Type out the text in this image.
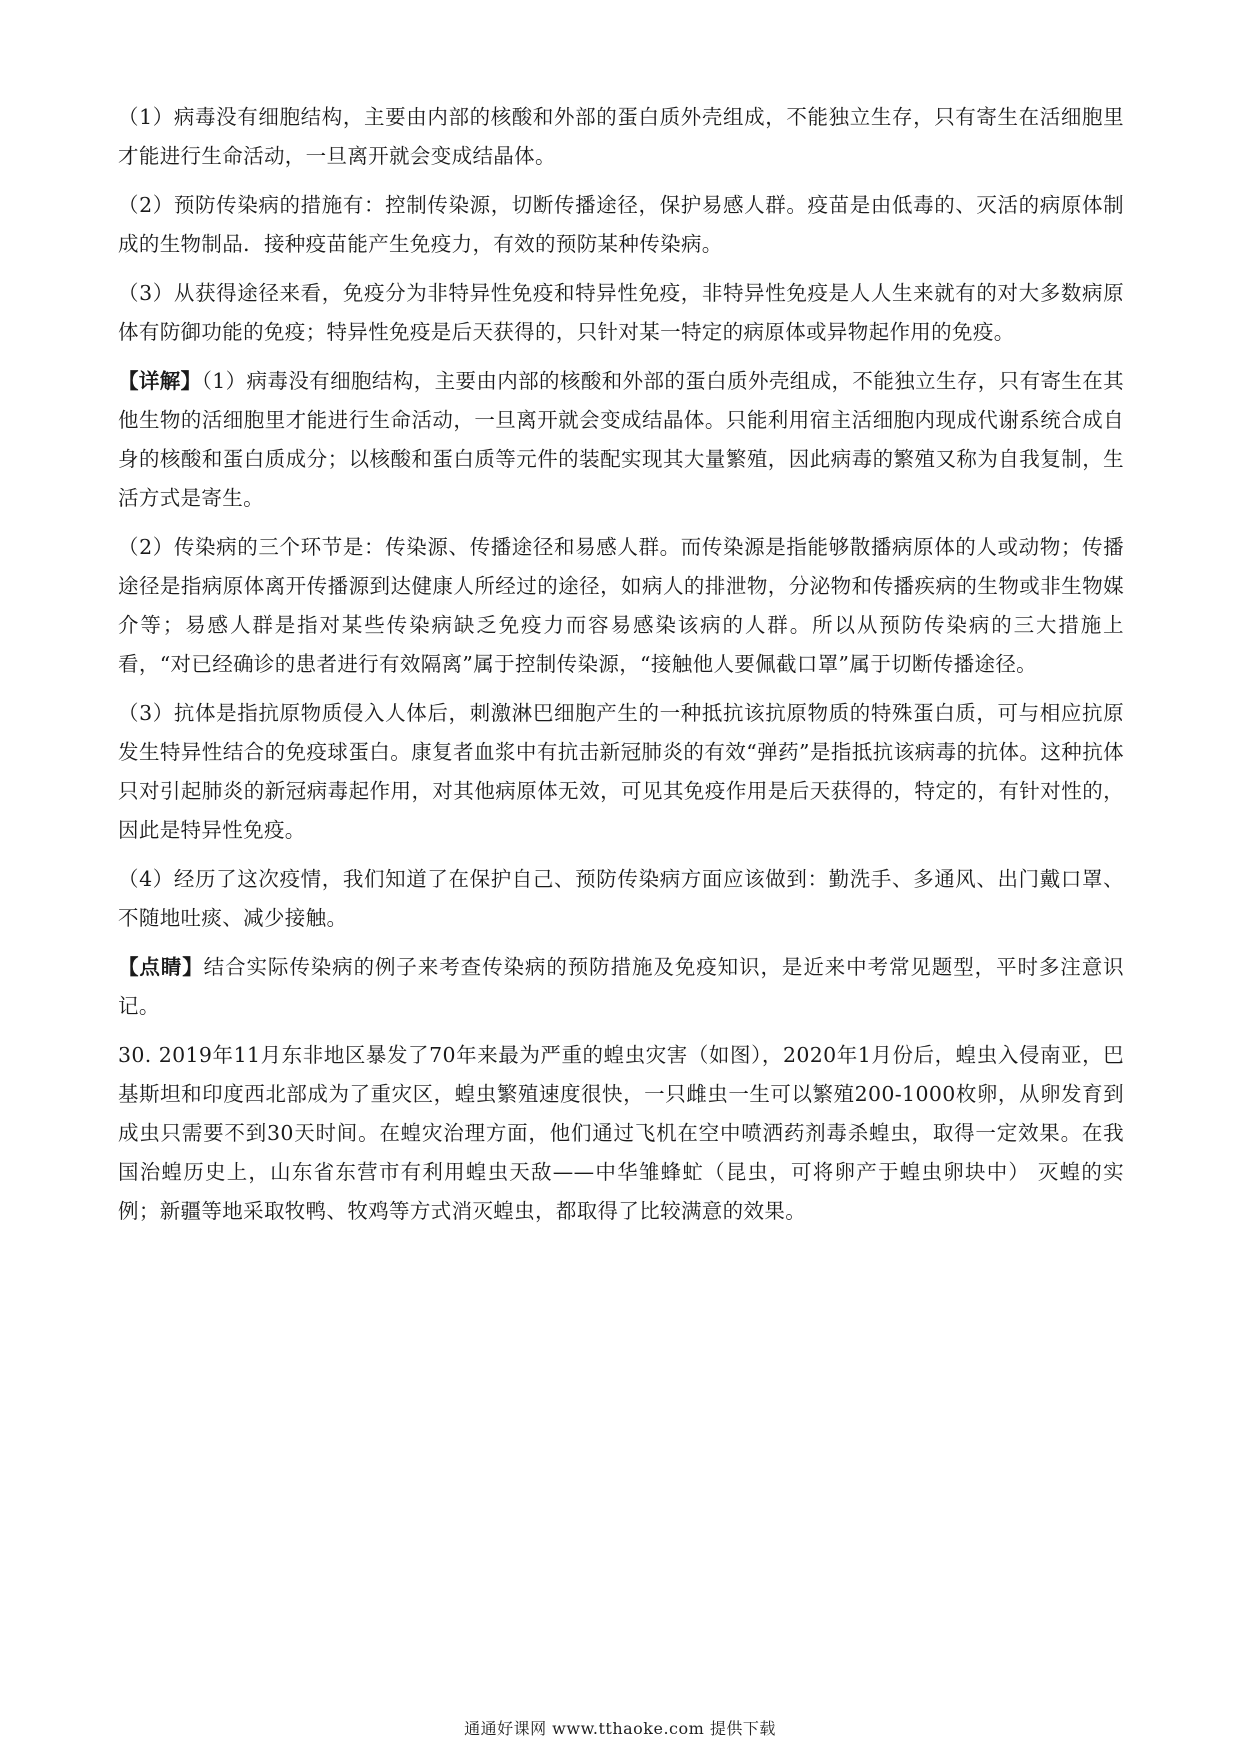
（1）病毒没有细胞结构，主要由内部的核酸和外部的蛋白质外壳组成，不能独立生存，只有寄生在活细胞里才能进行生命活动，一旦离开就会变成结晶体。

（2）预防传染病的措施有：控制传染源，切断传播途径，保护易感人群。疫苗是由低毒的、灭活的病原体制成的生物制品．接种疫苗能产生免疫力，有效的预防某种传染病。

（3）从获得途径来看，免疫分为非特异性免疫和特异性免疫，非特异性免疫是人人生来就有的对大多数病原体有防御功能的免疫；特异性免疫是后天获得的，只针对某一特定的病原体或异物起作用的免疫。

【详解】（1）病毒没有细胞结构，主要由内部的核酸和外部的蛋白质外壳组成，不能独立生存，只有寄生在其他生物的活细胞里才能进行生命活动，一旦离开就会变成结晶体。只能利用宿主活细胞内现成代谢系统合成自身的核酸和蛋白质成分；以核酸和蛋白质等元件的装配实现其大量繁殖，因此病毒的繁殖又称为自我复制，生活方式是寄生。

（2）传染病的三个环节是：传染源、传播途径和易感人群。而传染源是指能够散播病原体的人或动物；传播途径是指病原体离开传播源到达健康人所经过的途径，如病人的排泄物，分泌物和传播疾病的生物或非生物媒介等；易感人群是指对某些传染病缺乏免疫力而容易感染该病的人群。所以从预防传染病的三大措施上看，“对已经确诊的患者进行有效隔离”属于控制传染源，“接触他人要佩截口罩”属于切断传播途径。

（3）抗体是指抗原物质侵入人体后，刺激淋巴细胞产生的一种抵抗该抗原物质的特殊蛋白质，可与相应抗原发生特异性结合的免疫球蛋白。康复者血浆中有抗击新冠肺炎的有效“弹药”是指抵抗该病毒的抗体。这种抗体只对引起肺炎的新冠病毒起作用，对其他病原体无效，可见其免疫作用是后天获得的，特定的，有针对性的，因此是特异性免疫。

（4）经历了这次疫情，我们知道了在保护自己、预防传染病方面应该做到：勤洗手、多通风、出门戴口罩、不随地吐痰、减少接触。

【点睛】结合实际传染病的例子来考查传染病的预防措施及免疫知识，是近来中考常见题型，平时多注意识记。

30. 2019年11月东非地区暴发了70年来最为严重的蝗虫灾害（如图），2020年1月份后，蝗虫入侵南亚，巴基斯坦和印度西北部成为了重灾区，蝗虫繁殖速度很快，一只雌虫一生可以繁殖200-1000枚卵，从卵发育到成虫只需要不到30天时间。在蝗灾治理方面，他们通过飞机在空中喷洒药剂毒杀蝗虫，取得一定效果。在我国治蝗历史上，山东省东营市有利用蝗虫天敌——中华雏蜂虻（昆虫，可将卵产于蝗虫卵块中） 灭蝗的实例；新疆等地采取牧鸭、牧鸡等方式消灭蝗虫，都取得了比较满意的效果。

通通好课网 www.tthaoke.com 提供下载
